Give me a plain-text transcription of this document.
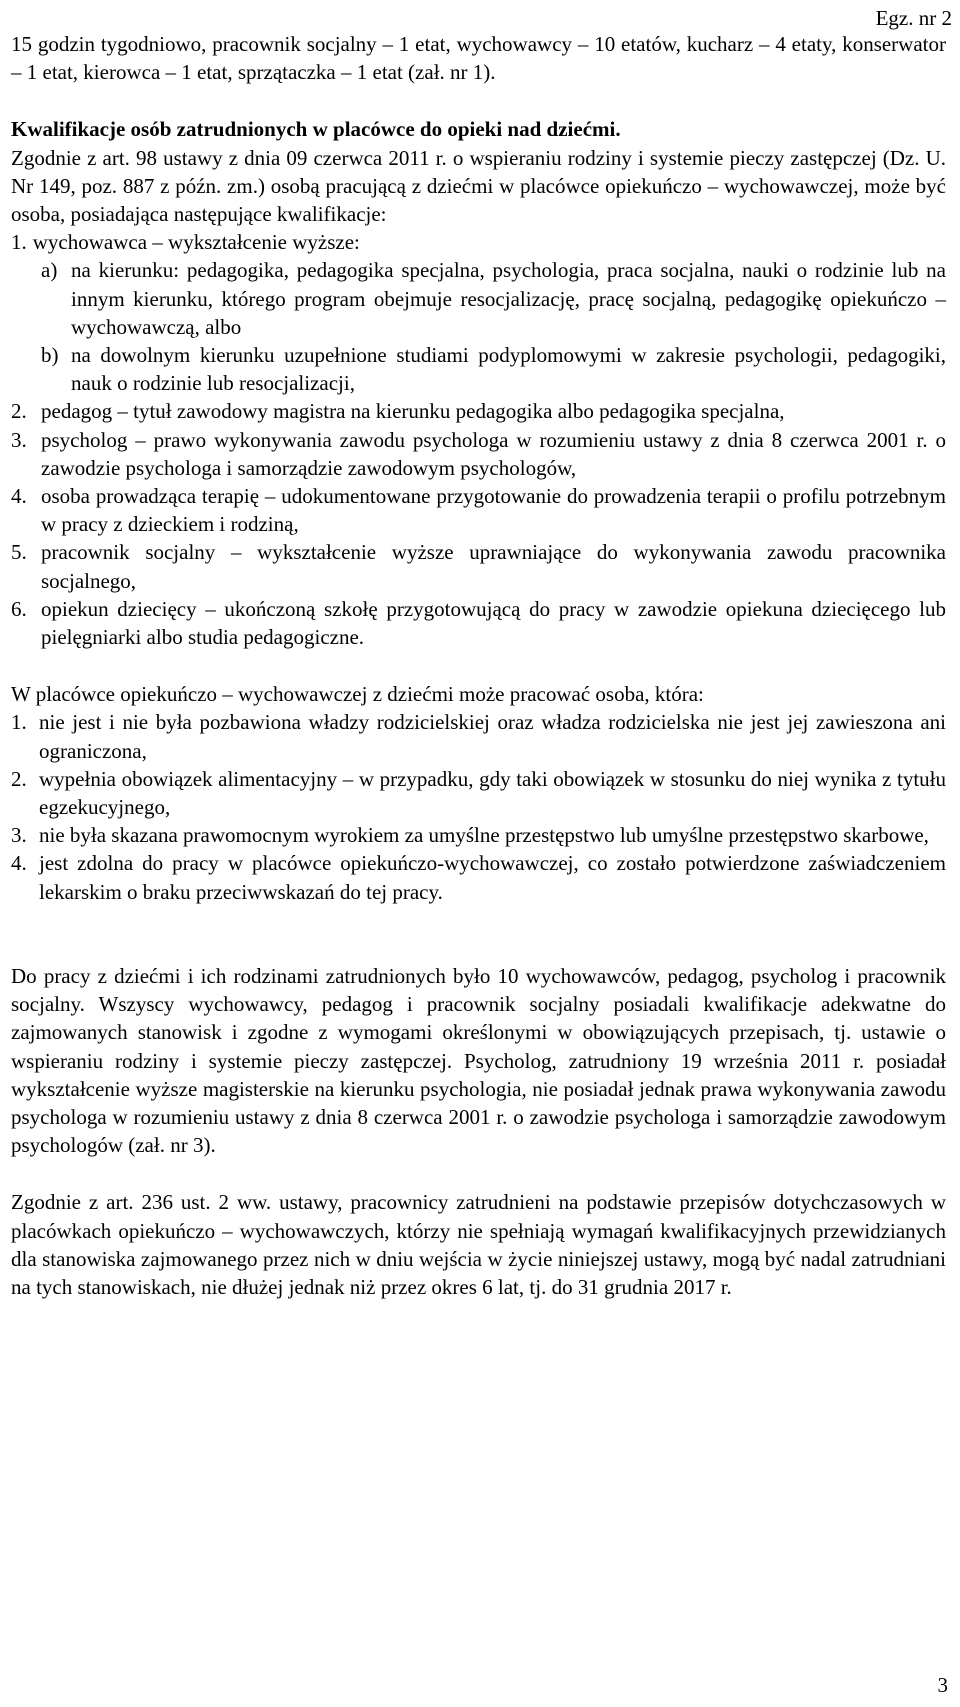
Egz. nr 2

15 godzin tygodniowo, pracownik socjalny – 1 etat, wychowawcy – 10 etatów, kucharz – 4 etaty, konserwator – 1 etat, kierowca – 1 etat, sprzątaczka – 1 etat (zał. nr 1).

Kwalifikacje osób zatrudnionych w placówce do opieki nad dziećmi.

Zgodnie z art. 98 ustawy z dnia 09 czerwca 2011 r. o wspieraniu rodziny i systemie pieczy zastępczej (Dz. U. Nr 149, poz. 887 z późn. zm.) osobą pracującą z dziećmi w placówce opiekuńczo – wychowawczej, może być osoba, posiadająca następujące kwalifikacje:

1. wychowawca – wykształcenie wyższe:
a) na kierunku: pedagogika, pedagogika specjalna, psychologia, praca socjalna, nauki o rodzinie lub na innym kierunku, którego program obejmuje resocjalizację, pracę socjalną, pedagogikę opiekuńczo – wychowawczą, albo
b) na dowolnym kierunku uzupełnione studiami podyplomowymi w zakresie psychologii, pedagogiki, nauk o rodzinie lub resocjalizacji,
2. pedagog – tytuł zawodowy magistra na kierunku pedagogika albo pedagogika specjalna,
3. psycholog – prawo wykonywania zawodu psychologa w rozumieniu ustawy z dnia 8 czerwca 2001 r. o zawodzie psychologa i samorządzie zawodowym psychologów,
4. osoba prowadząca terapię – udokumentowane przygotowanie do prowadzenia terapii o profilu potrzebnym w pracy z dzieckiem i rodziną,
5. pracownik socjalny – wykształcenie wyższe uprawniające do wykonywania zawodu pracownika socjalnego,
6. opiekun dziecięcy – ukończoną szkołę przygotowującą do pracy w zawodzie opiekuna dziecięcego lub pielęgniarki albo studia pedagogiczne.

W placówce opiekuńczo – wychowawczej z dziećmi może pracować osoba, która:

1. nie jest i nie była pozbawiona władzy rodzicielskiej oraz władza rodzicielska nie jest jej zawieszona ani ograniczona,
2. wypełnia obowiązek alimentacyjny – w przypadku, gdy taki obowiązek w stosunku do niej wynika z tytułu egzekucyjnego,
3. nie była skazana prawomocnym wyrokiem za umyślne przestępstwo lub umyślne przestępstwo skarbowe,
4. jest zdolna do pracy w placówce opiekuńczo-wychowawczej, co zostało potwierdzone zaświadczeniem lekarskim o braku przeciwwskazań do tej pracy.

Do pracy z dziećmi i ich rodzinami zatrudnionych było 10 wychowawców, pedagog, psycholog i pracownik socjalny. Wszyscy wychowawcy, pedagog i pracownik socjalny posiadali kwalifikacje adekwatne do zajmowanych stanowisk i zgodne z wymogami określonymi w obowiązujących przepisach, tj. ustawie o wspieraniu rodziny i systemie pieczy zastępczej. Psycholog, zatrudniony 19 września 2011 r. posiadał wykształcenie wyższe magisterskie na kierunku psychologia, nie posiadał jednak prawa wykonywania zawodu psychologa w rozumieniu ustawy z dnia 8 czerwca 2001 r. o zawodzie psychologa i samorządzie zawodowym psychologów (zał. nr 3).

Zgodnie z art. 236 ust. 2 ww. ustawy, pracownicy zatrudnieni na podstawie przepisów dotychczasowych w placówkach opiekuńczo – wychowawczych, którzy nie spełniają wymagań kwalifikacyjnych przewidzianych dla stanowiska zajmowanego przez nich w dniu wejścia w życie niniejszej ustawy, mogą być nadal zatrudniani na tych stanowiskach, nie dłużej jednak niż przez okres 6 lat, tj. do 31 grudnia 2017 r.

3
